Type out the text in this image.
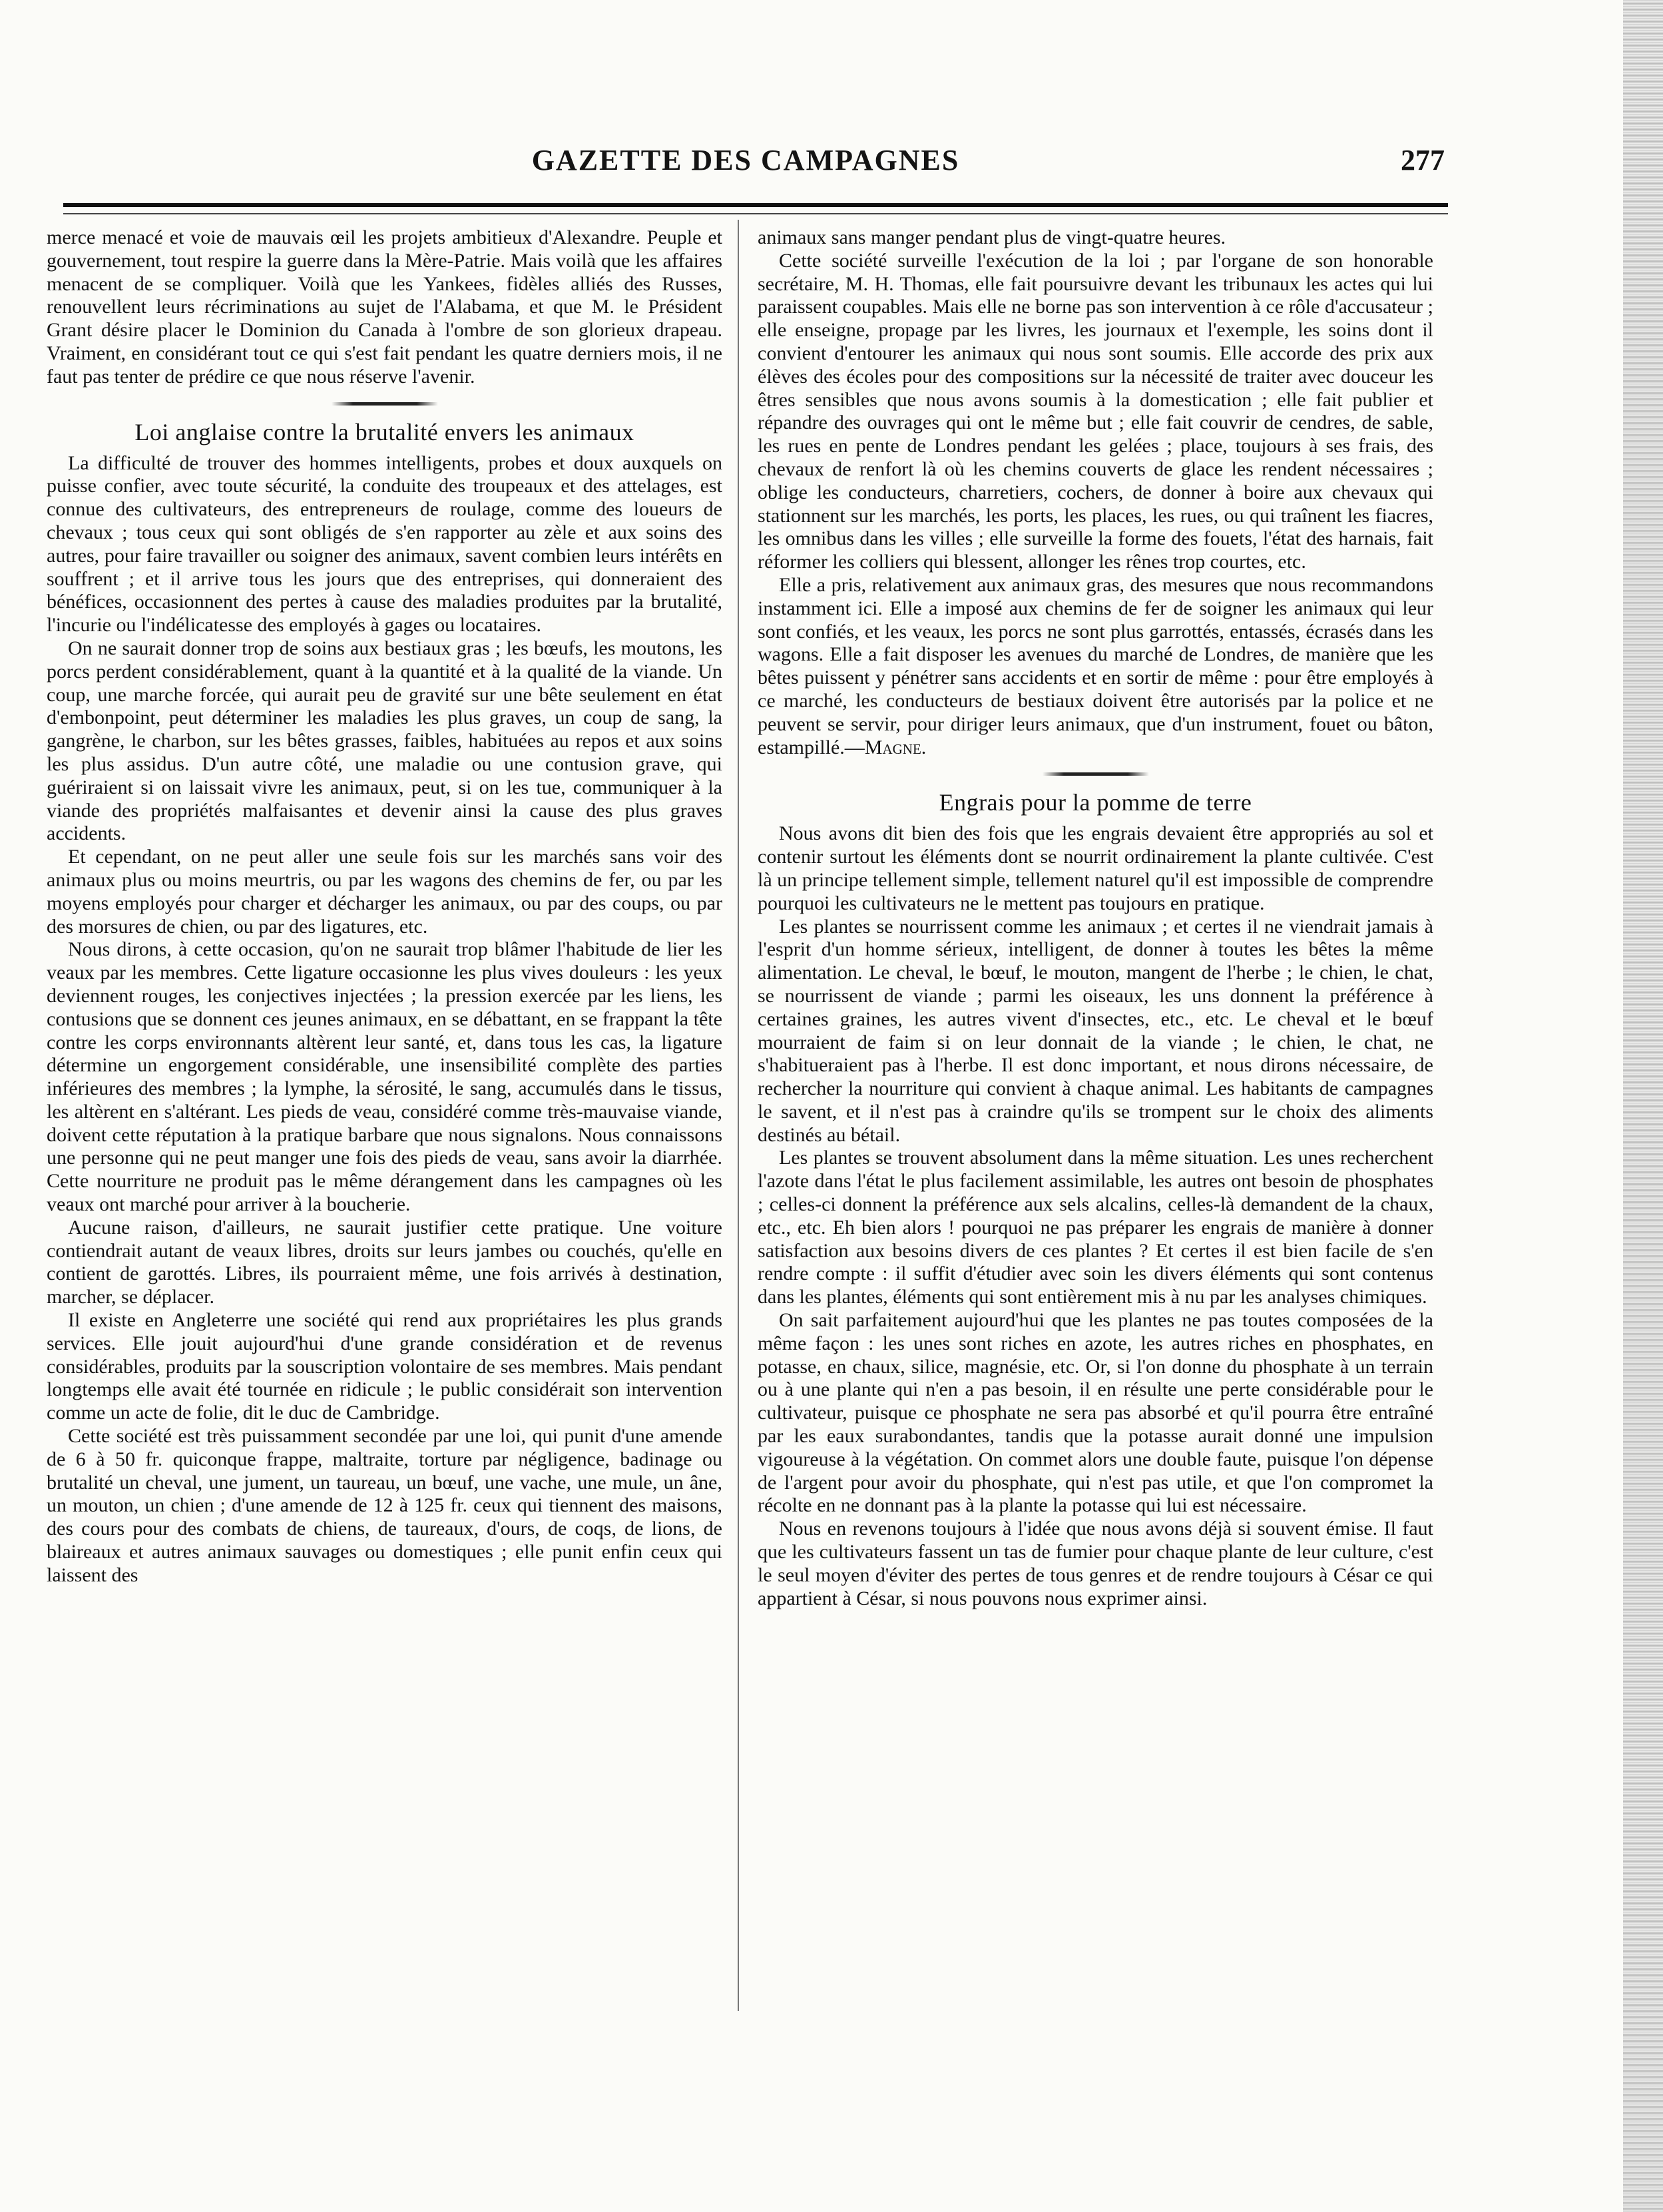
GAZETTE DES CAMPAGNES	277

merce menacé et voie de mauvais œil les projets ambitieux d'Alexandre. Peuple et gouvernement, tout respire la guerre dans la Mère-Patrie. Mais voilà que les affaires menacent de se compliquer. Voilà que les Yankees, fidèles alliés des Russes, renouvellent leurs récriminations au sujet de l'Alabama, et que M. le Président Grant désire placer le Dominion du Canada à l'ombre de son glorieux drapeau. Vraiment, en considérant tout ce qui s'est fait pendant les quatre derniers mois, il ne faut pas tenter de prédire ce que nous réserve l'avenir.

Loi anglaise contre la brutalité envers les animaux

La difficulté de trouver des hommes intelligents, probes et doux auxquels on puisse confier, avec toute sécurité, la conduite des troupeaux et des attelages, est connue des cultivateurs, des entrepreneurs de roulage, comme des loueurs de chevaux ; tous ceux qui sont obligés de s'en rapporter au zèle et aux soins des autres, pour faire travailler ou soigner des animaux, savent combien leurs intérêts en souffrent ; et il arrive tous les jours que des entreprises, qui donneraient des bénéfices, occasionnent des pertes à cause des maladies produites par la brutalité, l'incurie ou l'indélicatesse des employés à gages ou locataires.

On ne saurait donner trop de soins aux bestiaux gras ; les bœufs, les moutons, les porcs perdent considérablement, quant à la quantité et à la qualité de la viande. Un coup, une marche forcée, qui aurait peu de gravité sur une bête seulement en état d'embonpoint, peut déterminer les maladies les plus graves, un coup de sang, la gangrène, le charbon, sur les bêtes grasses, faibles, habituées au repos et aux soins les plus assidus. D'un autre côté, une maladie ou une contusion grave, qui guériraient si on laissait vivre les animaux, peut, si on les tue, communiquer à la viande des propriétés malfaisantes et devenir ainsi la cause des plus graves accidents.

Et cependant, on ne peut aller une seule fois sur les marchés sans voir des animaux plus ou moins meurtris, ou par les wagons des chemins de fer, ou par les moyens employés pour charger et décharger les animaux, ou par des coups, ou par des morsures de chien, ou par des ligatures, etc.

Nous dirons, à cette occasion, qu'on ne saurait trop blâmer l'habitude de lier les veaux par les membres. Cette ligature occasionne les plus vives douleurs : les yeux deviennent rouges, les conjectives injectées ; la pression exercée par les liens, les contusions que se donnent ces jeunes animaux, en se débattant, en se frappant la tête contre les corps environnants altèrent leur santé, et, dans tous les cas, la ligature détermine un engorgement considérable, une insensibilité complète des parties inférieures des membres ; la lymphe, la sérosité, le sang, accumulés dans le tissus, les altèrent en s'altérant. Les pieds de veau, considéré comme très-mauvaise viande, doivent cette réputation à la pratique barbare que nous signalons. Nous connaissons une personne qui ne peut manger une fois des pieds de veau, sans avoir la diarrhée. Cette nourriture ne produit pas le même dérangement dans les campagnes où les veaux ont marché pour arriver à la boucherie.

Aucune raison, d'ailleurs, ne saurait justifier cette pratique. Une voiture contiendrait autant de veaux libres, droits sur leurs jambes ou couchés, qu'elle en contient de garottés. Libres, ils pourraient même, une fois arrivés à destination, marcher, se déplacer.

Il existe en Angleterre une société qui rend aux propriétaires les plus grands services. Elle jouit aujourd'hui d'une grande considération et de revenus considérables, produits par la souscription volontaire de ses membres. Mais pendant longtemps elle avait été tournée en ridicule ; le public considérait son intervention comme un acte de folie, dit le duc de Cambridge.

Cette société est très puissamment secondée par une loi, qui punit d'une amende de 6 à 50 fr. quiconque frappe, maltraite, torture par négligence, badinage ou brutalité un cheval, une jument, un taureau, un bœuf, une vache, une mule, un âne, un mouton, un chien ; d'une amende de 12 à 125 fr. ceux qui tiennent des maisons, des cours pour des combats de chiens, de taureaux, d'ours, de coqs, de lions, de blaireaux et autres animaux sauvages ou domestiques ; elle punit enfin ceux qui laissent des

animaux sans manger pendant plus de vingt-quatre heures.

Cette société surveille l'exécution de la loi ; par l'organe de son honorable secrétaire, M. H. Thomas, elle fait poursuivre devant les tribunaux les actes qui lui paraissent coupables. Mais elle ne borne pas son intervention à ce rôle d'accusateur ; elle enseigne, propage par les livres, les journaux et l'exemple, les soins dont il convient d'entourer les animaux qui nous sont soumis. Elle accorde des prix aux élèves des écoles pour des compositions sur la nécessité de traiter avec douceur les êtres sensibles que nous avons soumis à la domestication ; elle fait publier et répandre des ouvrages qui ont le même but ; elle fait couvrir de cendres, de sable, les rues en pente de Londres pendant les gelées ; place, toujours à ses frais, des chevaux de renfort là où les chemins couverts de glace les rendent nécessaires ; oblige les conducteurs, charretiers, cochers, de donner à boire aux chevaux qui stationnent sur les marchés, les ports, les places, les rues, ou qui traînent les fiacres, les omnibus dans les villes ; elle surveille la forme des fouets, l'état des harnais, fait réformer les colliers qui blessent, allonger les rênes trop courtes, etc.

Elle a pris, relativement aux animaux gras, des mesures que nous recommandons instamment ici. Elle a imposé aux chemins de fer de soigner les animaux qui leur sont confiés, et les veaux, les porcs ne sont plus garrottés, entassés, écrasés dans les wagons. Elle a fait disposer les avenues du marché de Londres, de manière que les bêtes puissent y pénétrer sans accidents et en sortir de même : pour être employés à ce marché, les conducteurs de bestiaux doivent être autorisés par la police et ne peuvent se servir, pour diriger leurs animaux, que d'un instrument, fouet ou bâton, estampillé.—Magne.

Engrais pour la pomme de terre

Nous avons dit bien des fois que les engrais devaient être appropriés au sol et contenir surtout les éléments dont se nourrit ordinairement la plante cultivée. C'est là un principe tellement simple, tellement naturel qu'il est impossible de comprendre pourquoi les cultivateurs ne le mettent pas toujours en pratique.

Les plantes se nourrissent comme les animaux ; et certes il ne viendrait jamais à l'esprit d'un homme sérieux, intelligent, de donner à toutes les bêtes la même alimentation. Le cheval, le bœuf, le mouton, mangent de l'herbe ; le chien, le chat, se nourrissent de viande ; parmi les oiseaux, les uns donnent la préférence à certaines graines, les autres vivent d'insectes, etc., etc. Le cheval et le bœuf mourraient de faim si on leur donnait de la viande ; le chien, le chat, ne s'habitueraient pas à l'herbe. Il est donc important, et nous dirons nécessaire, de rechercher la nourriture qui convient à chaque animal. Les habitants de campagnes le savent, et il n'est pas à craindre qu'ils se trompent sur le choix des aliments destinés au bétail.

Les plantes se trouvent absolument dans la même situation. Les unes recherchent l'azote dans l'état le plus facilement assimilable, les autres ont besoin de phosphates ; celles-ci donnent la préférence aux sels alcalins, celles-là demandent de la chaux, etc., etc. Eh bien alors ! pourquoi ne pas préparer les engrais de manière à donner satisfaction aux besoins divers de ces plantes ? Et certes il est bien facile de s'en rendre compte : il suffit d'étudier avec soin les divers éléments qui sont contenus dans les plantes, éléments qui sont entièrement mis à nu par les analyses chimiques.

On sait parfaitement aujourd'hui que les plantes ne pas toutes composées de la même façon : les unes sont riches en azote, les autres riches en phosphates, en potasse, en chaux, silice, magnésie, etc. Or, si l'on donne du phosphate à un terrain ou à une plante qui n'en a pas besoin, il en résulte une perte considérable pour le cultivateur, puisque ce phosphate ne sera pas absorbé et qu'il pourra être entraîné par les eaux surabondantes, tandis que la potasse aurait donné une impulsion vigoureuse à la végétation. On commet alors une double faute, puisque l'on dépense de l'argent pour avoir du phosphate, qui n'est pas utile, et que l'on compromet la récolte en ne donnant pas à la plante la potasse qui lui est nécessaire.

Nous en revenons toujours à l'idée que nous avons déjà si souvent émise. Il faut que les cultivateurs fassent un tas de fumier pour chaque plante de leur culture, c'est le seul moyen d'éviter des pertes de tous genres et de rendre toujours à César ce qui appartient à César, si nous pouvons nous exprimer ainsi.
